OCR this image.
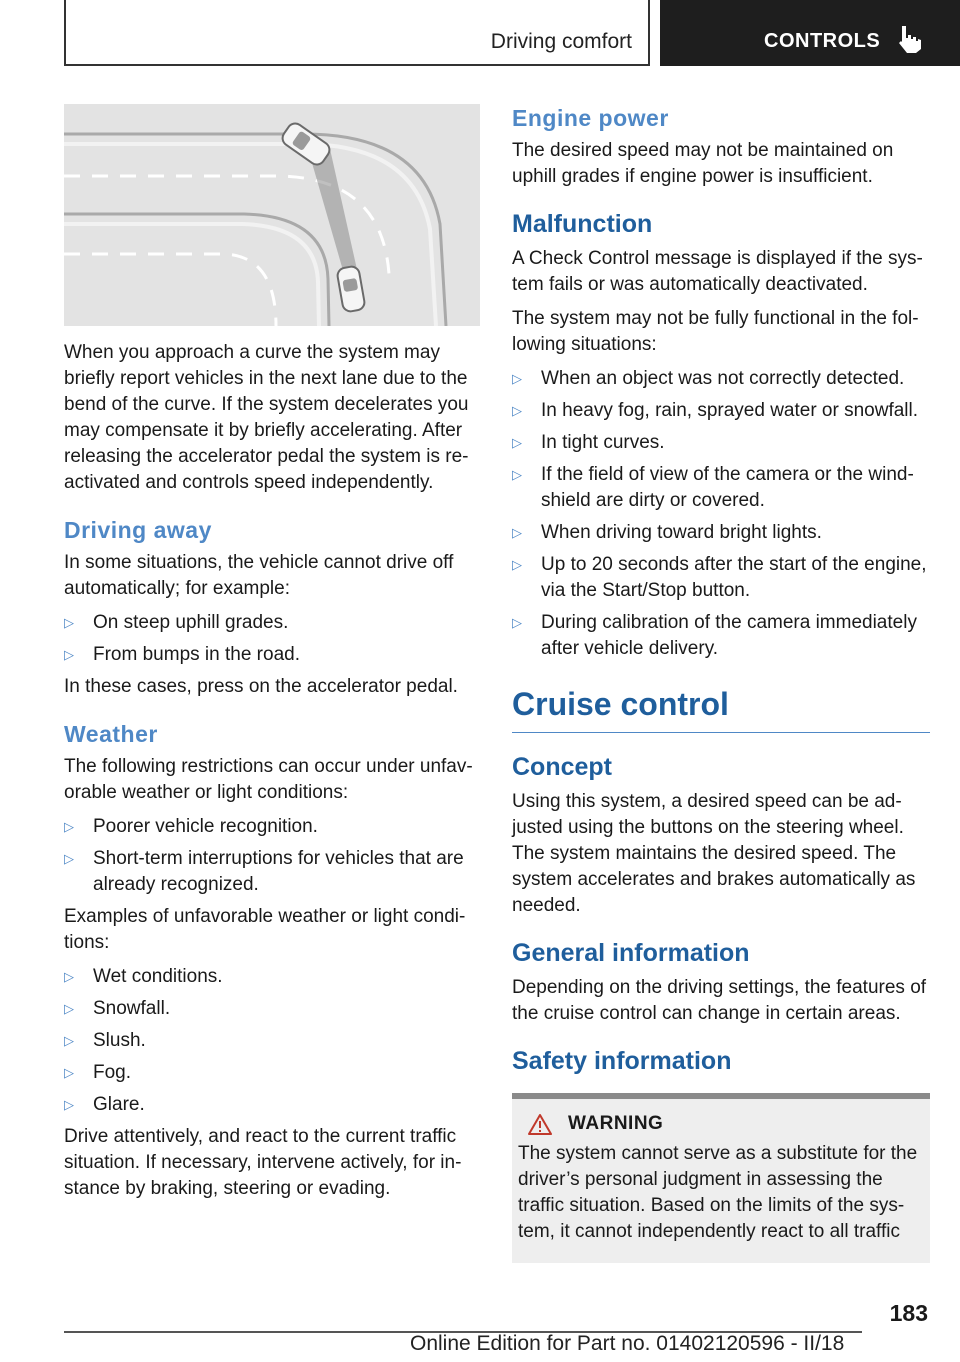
Driving comfort	CONTROLS

When you approach a curve the system may briefly report vehicles in the next lane due to the bend of the curve. If the system decelerates you may compensate it by briefly accelerating. After releasing the accelerator pedal the system is reactivated and controls speed independently.

Driving away

In some situations, the vehicle cannot drive off automatically; for example:

▷ On steep uphill grades.
▷ From bumps in the road.

In these cases, press on the accelerator pedal.

Weather

The following restrictions can occur under unfavorable weather or light conditions:

▷ Poorer vehicle recognition.
▷ Short-term interruptions for vehicles that are already recognized.

Examples of unfavorable weather or light conditions:

▷ Wet conditions.
▷ Snowfall.
▷ Slush.
▷ Fog.
▷ Glare.

Drive attentively, and react to the current traffic situation. If necessary, intervene actively, for instance by braking, steering or evading.

Engine power

The desired speed may not be maintained on uphill grades if engine power is insufficient.

Malfunction

A Check Control message is displayed if the system fails or was automatically deactivated.

The system may not be fully functional in the following situations:

▷ When an object was not correctly detected.
▷ In heavy fog, rain, sprayed water or snowfall.
▷ In tight curves.
▷ If the field of view of the camera or the windshield are dirty or covered.
▷ When driving toward bright lights.
▷ Up to 20 seconds after the start of the engine, via the Start/Stop button.
▷ During calibration of the camera immediately after vehicle delivery.
Cruise control
Concept

Using this system, a desired speed can be adjusted using the buttons on the steering wheel. The system maintains the desired speed. The system accelerates and brakes automatically as needed.

General information

Depending on the driving settings, the features of the cruise control can change in certain areas.

Safety information
WARNING

The system cannot serve as a substitute for the driver’s personal judgment in assessing the traffic situation. Based on the limits of the system, it cannot independently react to all traffic

183
Online Edition for Part no. 01402120596 - II/18
